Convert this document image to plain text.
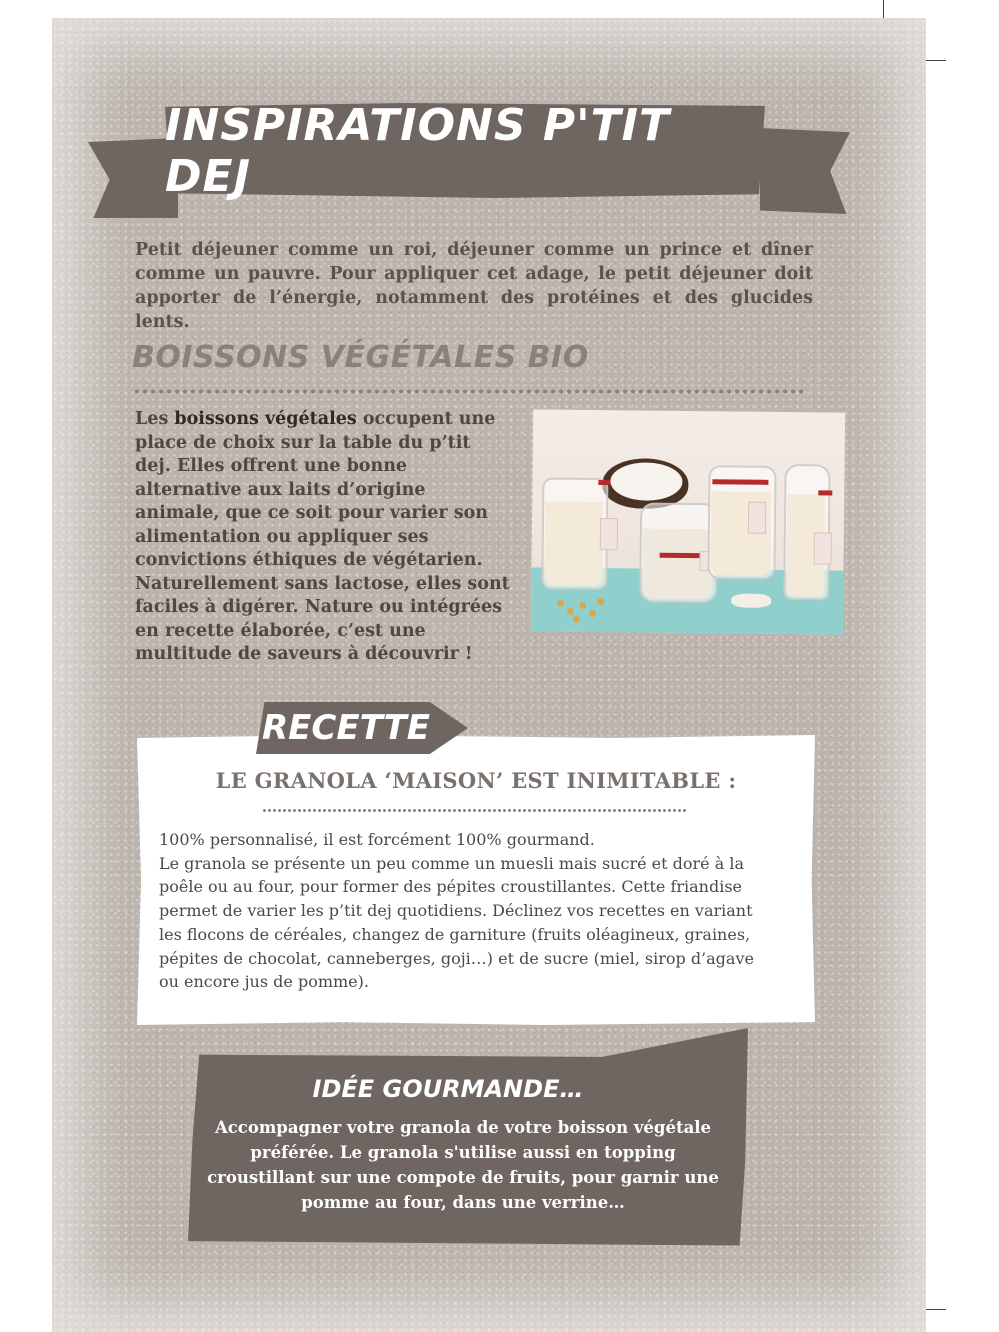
INSPIRATIONS P'TIT DEJ

Petit déjeuner comme un roi, déjeuner comme un prince et dîner comme un pauvre. Pour appliquer cet adage, le petit déjeuner doit apporter de l’énergie, notamment des protéines et des glucides lents.

BOISSONS VÉGÉTALES BIO

Les boissons végétales occupent une place de choix sur la table du p’tit dej. Elles offrent une bonne alternative aux laits d’origine animale, que ce soit pour varier son alimentation ou appliquer ses convictions éthiques de végétarien. Naturellement sans lactose, elles sont faciles à digérer. Nature ou intégrées en recette élaborée, c’est une multitude de saveurs à découvrir !

RECETTE
LE GRANOLA ‘MAISON’ EST INIMITABLE :

100% personnalisé, il est forcément 100% gourmand.

Le granola se présente un peu comme un muesli mais sucré et doré à la poêle ou au four, pour former des pépites croustillantes. Cette friandise permet de varier les p’tit dej quotidiens. Déclinez vos recettes en variant les flocons de céréales, changez de garniture (fruits oléagineux, graines, pépites de chocolat, canneberges, goji…) et de sucre (miel, sirop d’agave ou encore jus de pomme).

IDÉE GOURMANDE…

Accompagner votre granola de votre boisson végétale préférée. Le granola s'utilise aussi en topping croustillant sur une compote de fruits, pour garnir une pomme au four, dans une verrine…
